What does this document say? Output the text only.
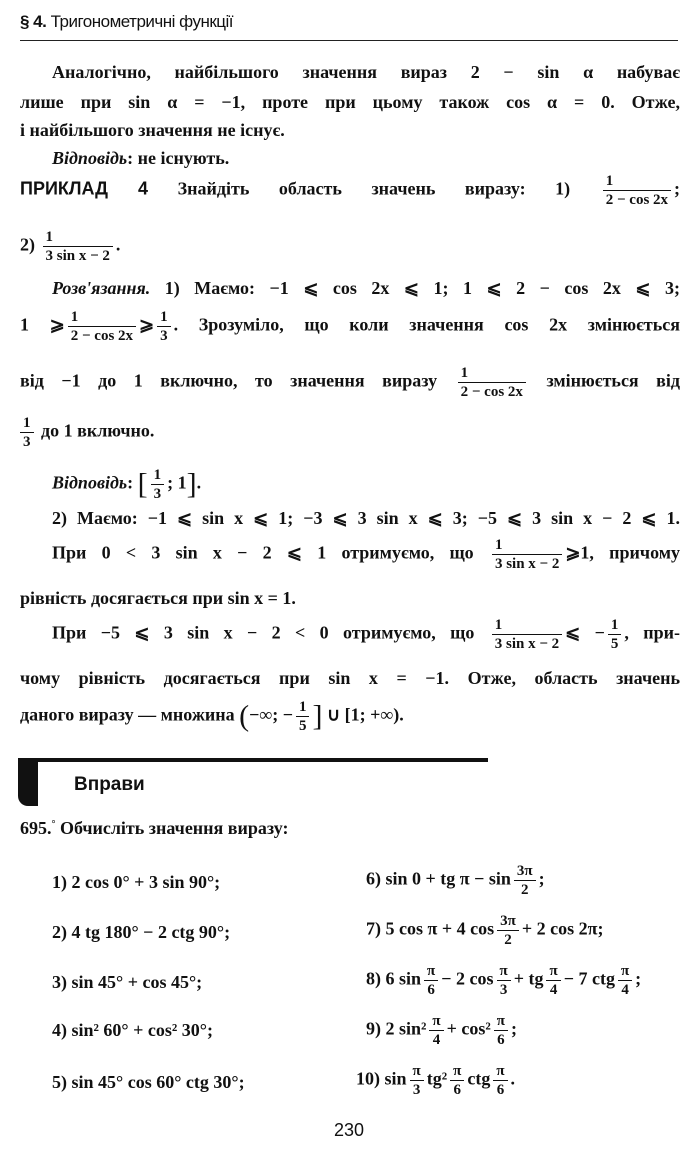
§ 4. Тригонометричні функції
Аналогічно, найбільшого значення вираз 2 − sin α набуває
лише при sin α = −1, проте при цьому також cos α = 0. Отже,
і найбільшого значення не існує.
Відповідь: не існують.
ПРИКЛАД 4 Знайдіть область значень виразу: $1) \frac{1}{2 - \cos 2x}$ ;
$2) \frac{1}{\text{3 sin x − 2}}$ .
Розв'язання. 1) Маємо: −1 ⩽ cos 2x ⩽ 1; 1 ⩽ 2 − cos 2x ⩽ 3;
1 ⩾ $\frac{1}{2 - \cos 2x}$ ⩾ $\frac{1}{3}$ . Зрозуміло, що коли значення cos 2x змінюється
від −1 до 1 включно, то значення виразу $\frac{1}{2 - \cos 2x}$ змінюється від
$\frac{1}{3}$ до 1 включно.
Відповідь: [ $\frac{1}{3}$ ; 1].
2) Маємо: −1 ⩽ sin x ⩽ 1; −3 ⩽ 3 sin x ⩽ 3; −5 ⩽ 3 sin x − 2 ⩽ 1.
При 0 < 3 sin x − 2 ⩽ 1 отримуємо, що $\frac{1}{\text{3 sin x − 2}}$ ⩾1, причому
рівність досягається при sin x = 1.
При −5 ⩽ 3 sin x − 2 < 0 отримуємо, що $\frac{1}{\text{3 sin x − 2}}$ ⩽ − $\frac{1}{5}$ , при-
чому рівність досягається при sin x = −1. Отже, область значень
даного виразу — множина (−∞; − $\frac{1}{5}$ ] ∪ [1; +∞).
Вправи
695.° Обчисліть значення виразу:
1) 2 cos 0° + 3 sin 90°;
2) 4 tg 180° − 2 ctg 90°;
3) sin 45° + cos 45°;
4) sin² 60° + cos² 30°;
5) sin 45° cos 60° ctg 30°;
6) sin 0 + tg $\pi - \sin \frac{3\pi}{2}$ ;
7) 5 cos π + 4 $\cos \frac{3\pi}{2} + 2$ cos 2π;
8) 6 $\sin \frac{\pi}{6} - 2$ $\cos \frac{\pi}{3}$ + tg $\frac{\pi}{4} - 7$ ctg $\frac{\pi}{4}$ ;
9) 2 $\sin^2 \frac{\pi}{4} + \cos^2 \frac{\pi}{6}$ ;
10) $\sin \frac{\pi}{3} tg^2 \frac{\pi}{6}$ ctg $\frac{\pi}{6}$ .
230
